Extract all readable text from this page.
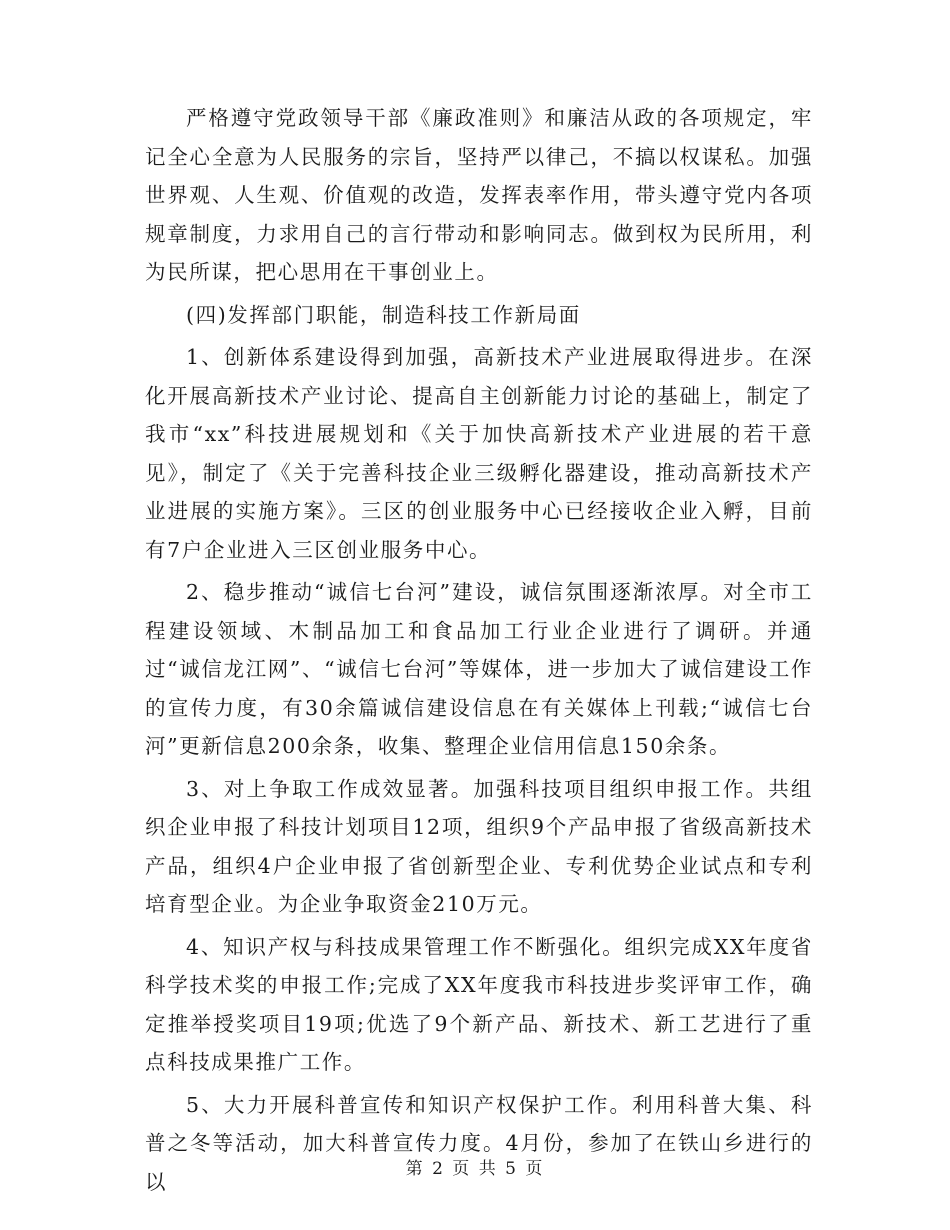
严格遵守党政领导干部《廉政准则》和廉洁从政的各项规定，牢记全心全意为人民服务的宗旨，坚持严以律己，不搞以权谋私。加强世界观、人生观、价值观的改造，发挥表率作用，带头遵守党内各项规章制度，力求用自己的言行带动和影响同志。做到权为民所用，利为民所谋，把心思用在干事创业上。

(四)发挥部门职能，制造科技工作新局面

1、创新体系建设得到加强，高新技术产业进展取得进步。在深化开展高新技术产业讨论、提高自主创新能力讨论的基础上，制定了我市“xx”科技进展规划和《关于加快高新技术产业进展的若干意见》，制定了《关于完善科技企业三级孵化器建设，推动高新技术产业进展的实施方案》。三区的创业服务中心已经接收企业入孵，目前有7户企业进入三区创业服务中心。

2、稳步推动“诚信七台河”建设，诚信氛围逐渐浓厚。对全市工程建设领域、木制品加工和食品加工行业企业进行了调研。并通过“诚信龙江网”、“诚信七台河”等媒体，进一步加大了诚信建设工作的宣传力度，有30余篇诚信建设信息在有关媒体上刊载;“诚信七台河”更新信息200余条，收集、整理企业信用信息150余条。

3、对上争取工作成效显著。加强科技项目组织申报工作。共组织企业申报了科技计划项目12项，组织9个产品申报了省级高新技术产品，组织4户企业申报了省创新型企业、专利优势企业试点和专利培育型企业。为企业争取资金210万元。

4、知识产权与科技成果管理工作不断强化。组织完成XX年度省科学技术奖的申报工作;完成了XX年度我市科技进步奖评审工作，确定推举授奖项目19项;优选了9个新产品、新技术、新工艺进行了重点科技成果推广工作。

5、大力开展科普宣传和知识产权保护工作。利用科普大集、科普之冬等活动，加大科普宣传力度。4月份，参加了在铁山乡进行的以

第 2 页 共 5 页
